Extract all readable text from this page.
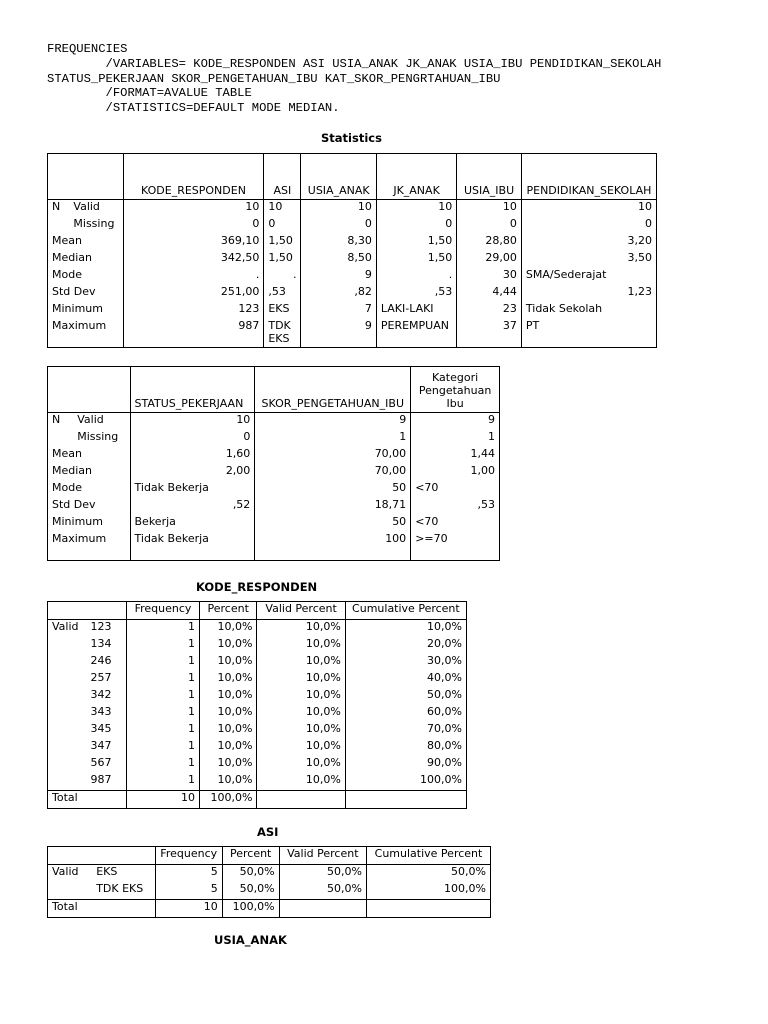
FREQUENCIES
/VARIABLES= KODE_RESPONDEN ASI USIA_ANAK JK_ANAK USIA_IBU PENDIDIKAN_SEKOLAH
STATUS_PEKERJAAN SKOR_PENGETAHUAN_IBU KAT_SKOR_PENGRTAHUAN_IBU
/FORMAT=AVALUE TABLE
/STATISTICS=DEFAULT MODE MEDIAN.
Statistics

		KODE_RESPONDEN	ASI	USIA_ANAK	JK_ANAK	USIA_IBU	PENDIDIKAN_SEKOLAH

N	Valid	10	10	10	10	10	10
	Missing	0	0	0	0	0	0
Mean		369,10	1,50	8,30	1,50	28,80	3,20
Median		342,50	1,50	8,50	1,50	29,00	3,50
Mode		.	.	9	.	30	SMA/Sederajat
Std Dev		251,00	,53	,82	,53	4,44	1,23
Minimum		123	EKS	7	LAKI-LAKI	23	Tidak Sekolah
Maximum		987	TDK EKS	9	PEREMPUAN	37	PT
		STATUS_PEKERJAAN	SKOR_PENGETAHUAN_IBU	Kategori Pengetahuan Ibu
N	Valid	10	9	9
	Missing	0	1	1
Mean		1,60	70,00	1,44
Median		2,00	70,00	1,00
Mode		Tidak Bekerja	50	<70
Std Dev		,52	18,71	,53
Minimum		Bekerja	50	<70
Maximum		Tidak Bekerja	100	>=70
KODE_RESPONDEN
		Frequency	Percent	Valid Percent	Cumulative Percent
Valid	123	1	10,0%	10,0%	10,0%
	134	1	10,0%	10,0%	20,0%
	246	1	10,0%	10,0%	30,0%
	257	1	10,0%	10,0%	40,0%
	342	1	10,0%	10,0%	50,0%
	343	1	10,0%	10,0%	60,0%
	345	1	10,0%	10,0%	70,0%
	347	1	10,0%	10,0%	80,0%
	567	1	10,0%	10,0%	90,0%
	987	1	10,0%	10,0%	100,0%
Total		10	100,0%		
ASI
		Frequency	Percent	Valid Percent	Cumulative Percent
Valid	EKS	5	50,0%	50,0%	50,0%
	TDK EKS	5	50,0%	50,0%	100,0%
Total		10	100,0%		
USIA_ANAK
